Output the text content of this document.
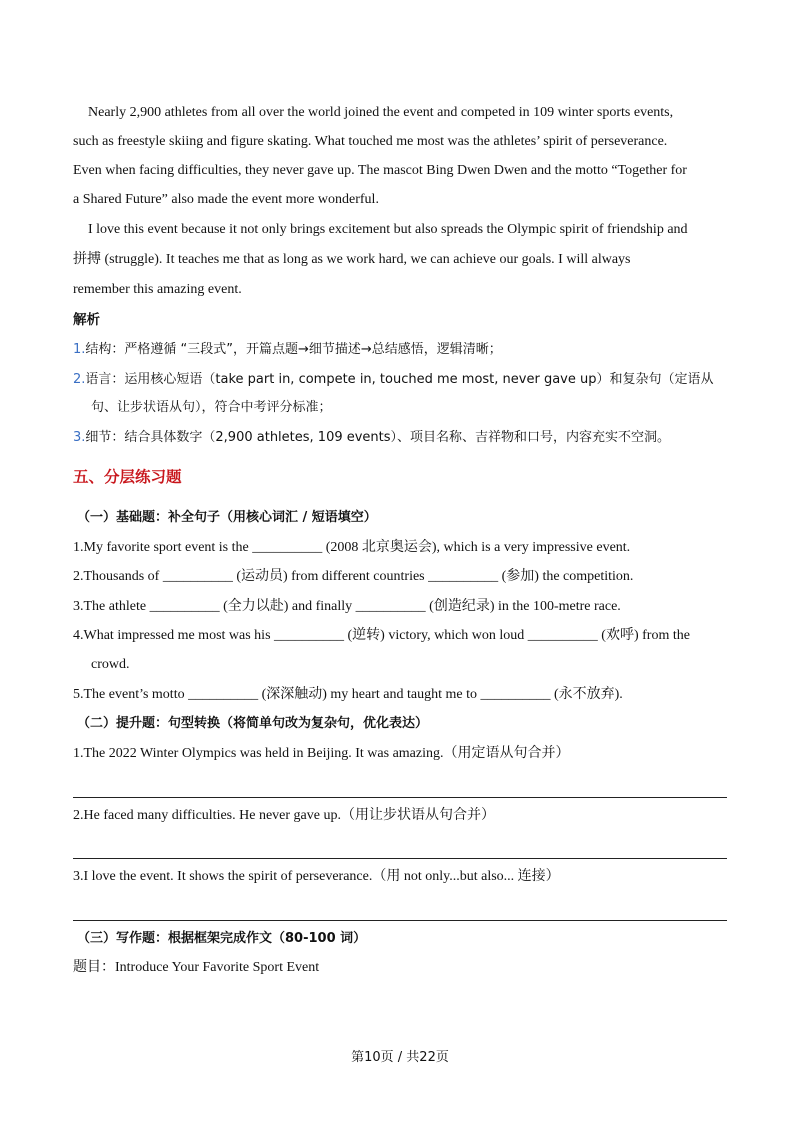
Nearly 2,900 athletes from all over the world joined the event and competed in 109 winter sports events,
such as freestyle skiing and figure skating. What touched me most was the athletes’ spirit of perseverance.
Even when facing difficulties, they never gave up. The mascot Bing Dwen Dwen and the motto “Together for
a Shared Future” also made the event more wonderful.
I love this event because it not only brings excitement but also spreads the Olympic spirit of friendship and
拼搏 (struggle). It teaches me that as long as we work hard, we can achieve our goals. I will always
remember this amazing event.
解析
1.结构：严格遵循 “三段式”，开篇点题→细节描述→总结感悟，逻辑清晰；
2.语言：运用核心短语（take part in, compete in, touched me most, never gave up）和复杂句（定语从
句、让步状语从句），符合中考评分标准；
3.细节：结合具体数字（2,900 athletes, 109 events）、项目名称、吉祥物和口号，内容充实不空洞。
五、分层练习题
（一）基础题：补全句子（用核心词汇 / 短语填空）
1.My favorite sport event is the __________ (2008 北京奥运会), which is a very impressive event.
2.Thousands of __________ (运动员) from different countries __________ (参加) the competition.
3.The athlete __________ (全力以赴) and finally __________ (创造纪录) in the 100-metre race.
4.What impressed me most was his __________ (逆转) victory, which won loud __________ (欢呼) from the
crowd.
5.The event’s motto __________ (深深触动) my heart and taught me to __________ (永不放弃).
（二）提升题：句型转换（将简单句改为复杂句，优化表达）
1.The 2022 Winter Olympics was held in Beijing. It was amazing.（用定语从句合并）
2.He faced many difficulties. He never gave up.（用让步状语从句合并）
3.I love the event. It shows the spirit of perseverance.（用 not only...but also... 连接）
（三）写作题：根据框架完成作文（80-100 词）
题目：Introduce Your Favorite Sport Event
第10页 / 共22页
